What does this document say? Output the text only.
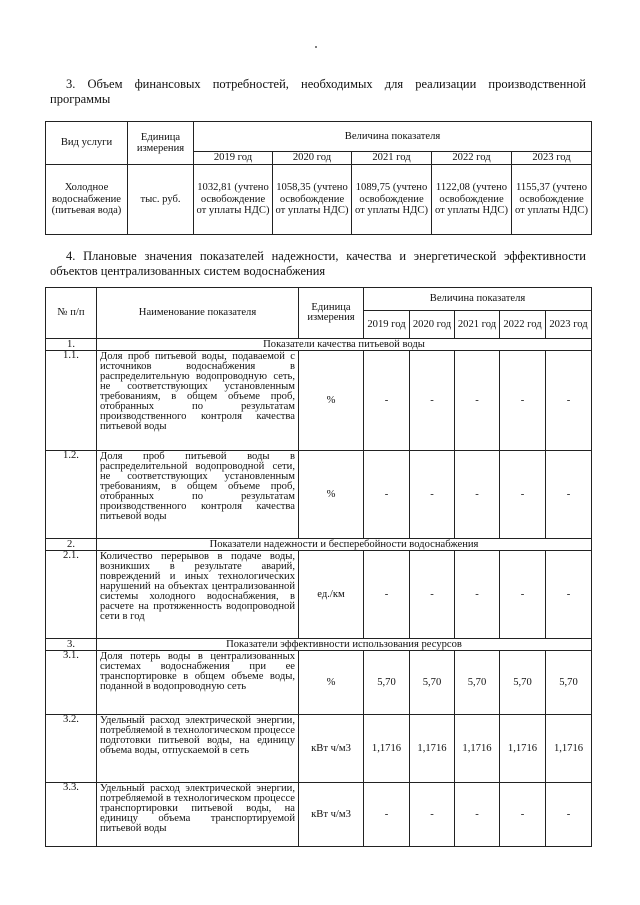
3. Объем финансовых потребностей, необходимых для реализации производственной программы
Вид услуги	Единица измерения	Величина показателя				
		2019 год	2020 год	2021 год	2022 год	2023 год
Холодное водоснабжение (питьевая вода)	тыс. руб.	1032,81 (учтено освобождение от уплаты НДС)	1058,35 (учтено освобождение от уплаты НДС)	1089,75 (учтено освобождение от уплаты НДС)	1122,08 (учтено освобождение от уплаты НДС)	1155,37 (учтено освобождение от уплаты НДС)
4. Плановые значения показателей надежности, качества и энергетической эффективности объектов централизованных систем водоснабжения
№ п/п	Наименование показателя	Единица измерения	Величина показателя				
			2019 год	2020 год	2021 год	2022 год	2023 год
1.	Показатели качества питьевой воды						
1.1.	Доля проб питьевой воды, подаваемой с источников водоснабжения в распределительную водопроводную сеть, не соответствующих установленным требованиям, в общем объеме проб, отобранных по результатам производственного контроля качества питьевой воды	%	-	-	-	-	-
1.2.	Доля проб питьевой воды в распределительной водопроводной сети, не соответствующих установленным требованиям, в общем объеме проб, отобранных по результатам производственного контроля качества питьевой воды	%	-	-	-	-	-
2.	Показатели надежности и бесперебойности водоснабжения						
2.1.	Количество перерывов в подаче воды, возникших в результате аварий, повреждений и иных технологических нарушений на объектах централизованной системы холодного водоснабжения, в расчете на протяженность водопроводной сети в год	ед./км	-	-	-	-	-
3.	Показатели эффективности использования ресурсов						
3.1.	Доля потерь воды в централизованных системах водоснабжения при ее транспортировке в общем объеме воды, поданной в водопроводную сеть	%	5,70	5,70	5,70	5,70	5,70
3.2.	Удельный расход электрической энергии, потребляемой в технологическом процессе подготовки питьевой воды, на единицу объема воды, отпускаемой в сеть	кВт ч/м3	1,1716	1,1716	1,1716	1,1716	1,1716
3.3.	Удельный расход электрической энергии, потребляемой в технологическом процессе транспортировки питьевой воды, на единицу объема транспортируемой питьевой воды	кВт ч/м3	-	-	-	-	-
